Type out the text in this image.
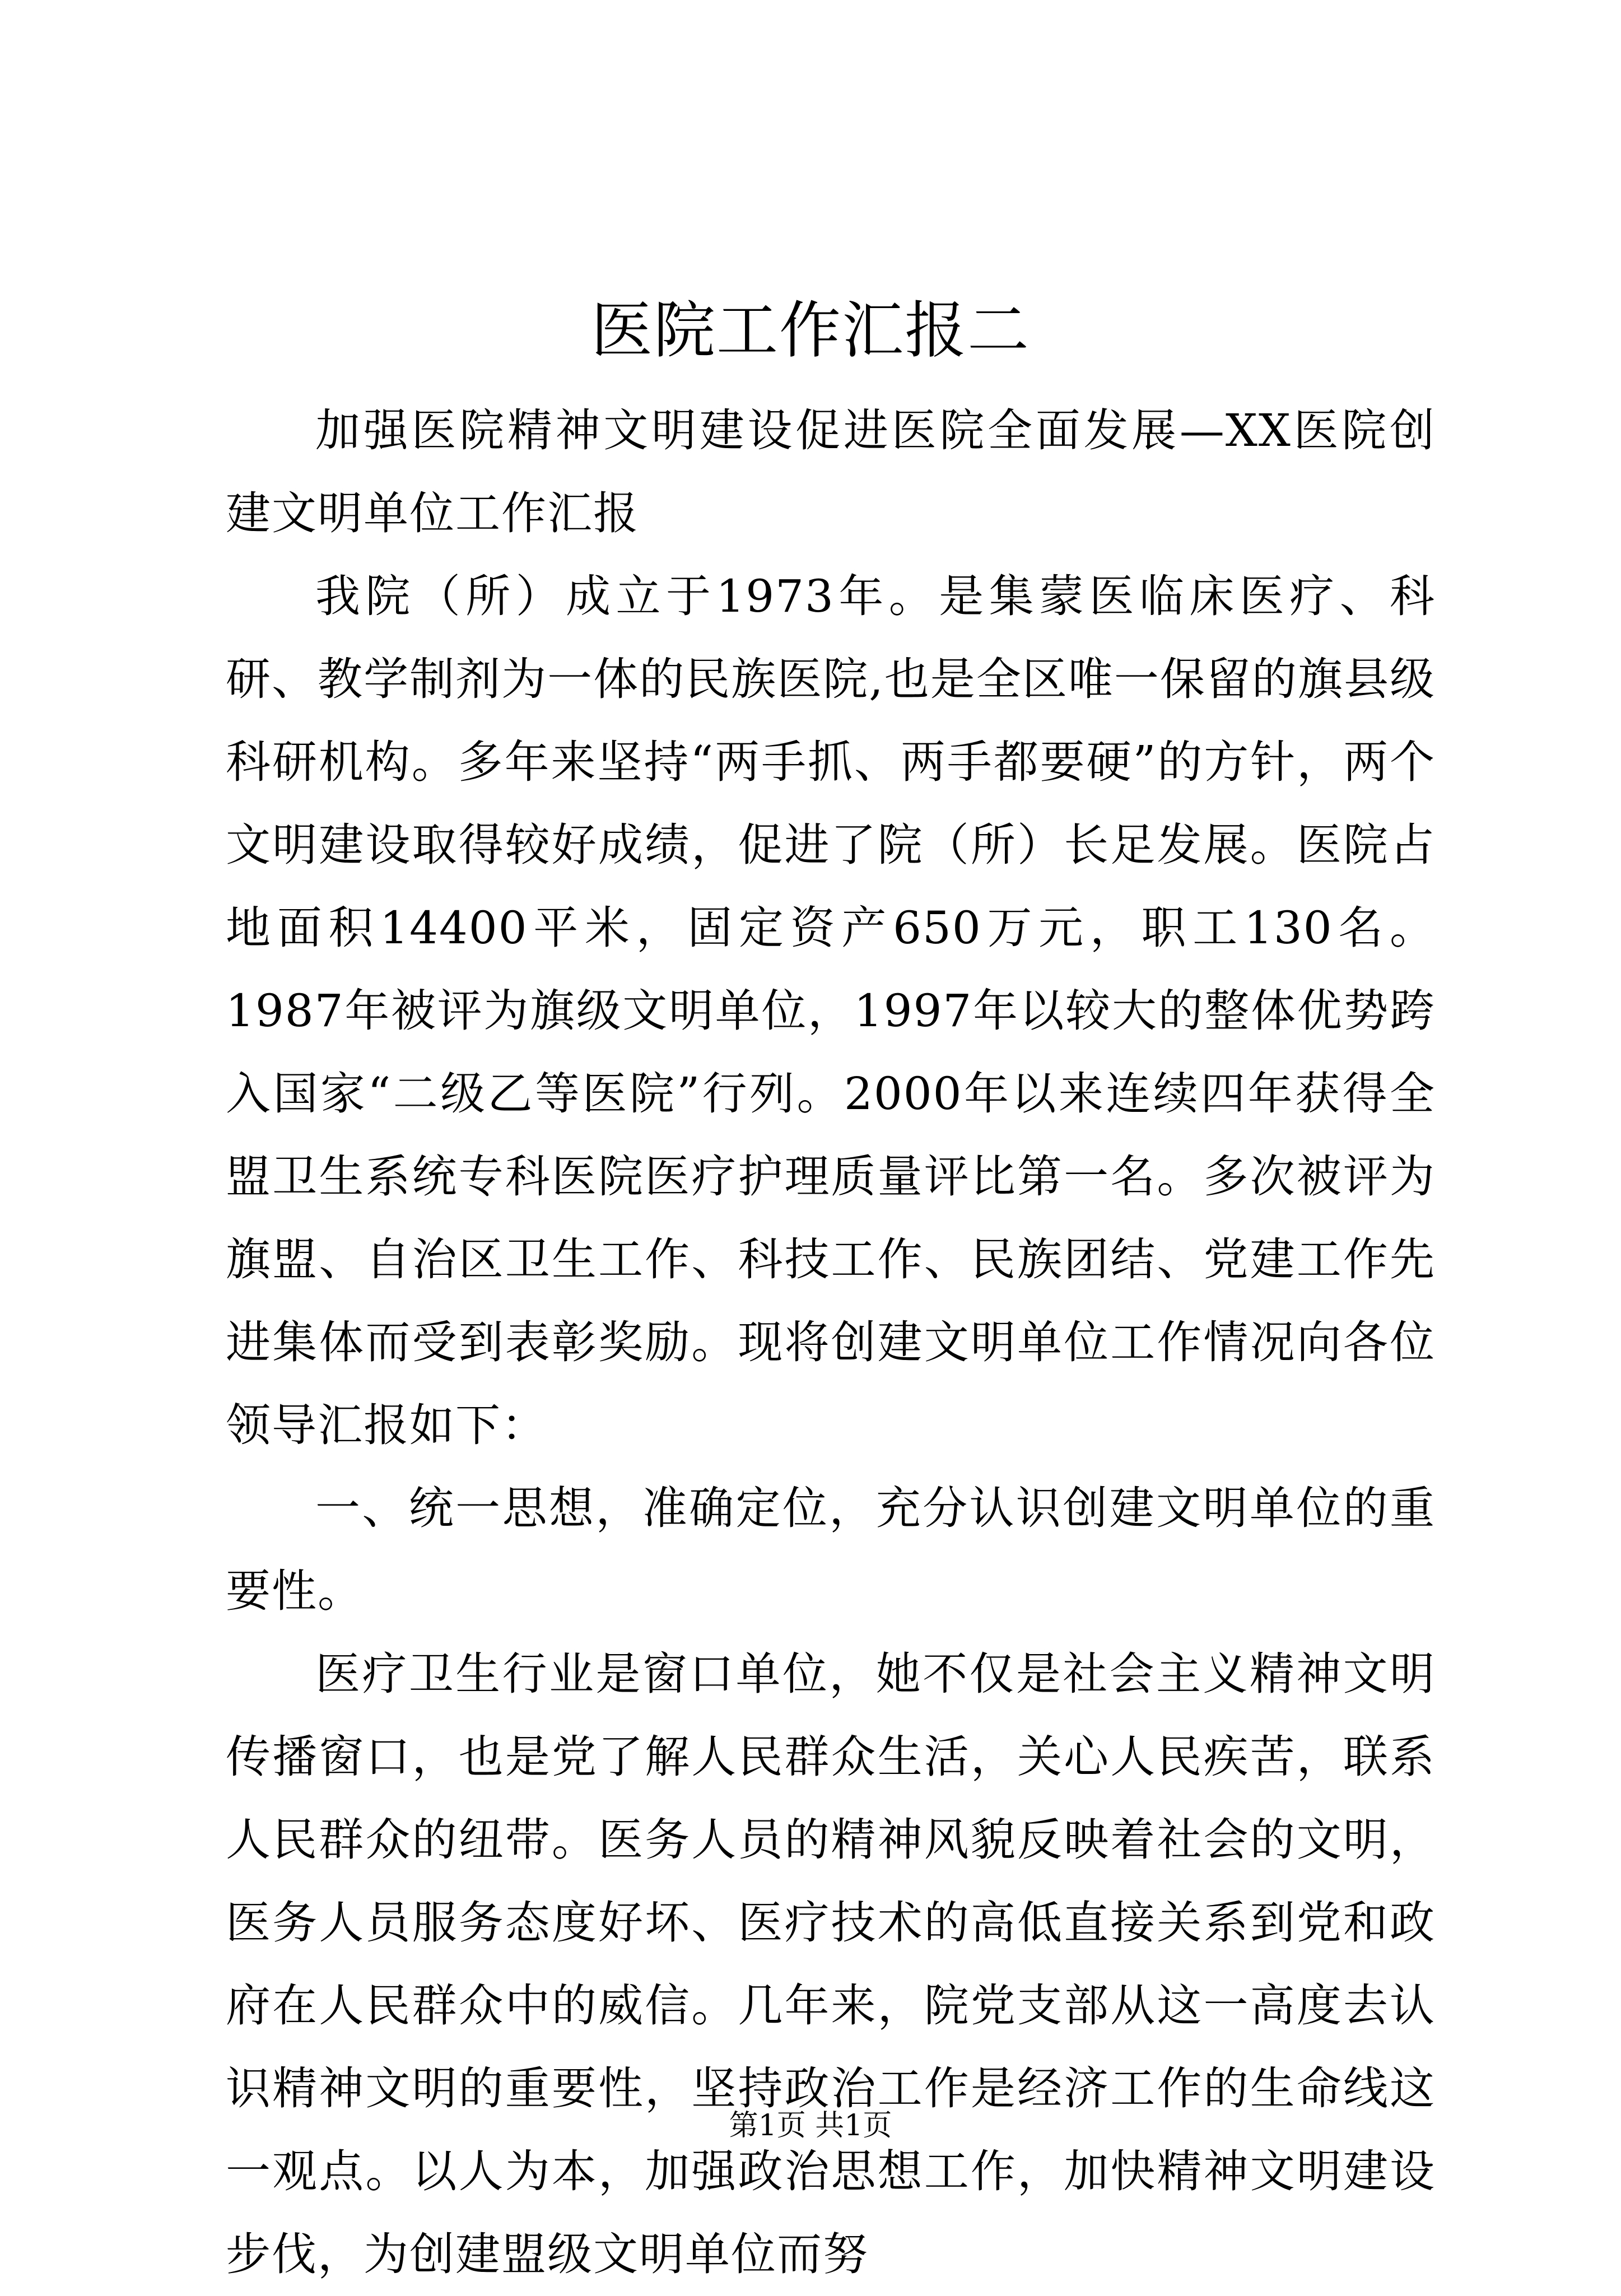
医院工作汇报二

加强医院精神文明建设促进医院全面发展—XX医院创建文明单位工作汇报

我院（所）成立于1973年。是集蒙医临床医疗、科研、教学制剂为一体的民族医院,也是全区唯一保留的旗县级科研机构。多年来坚持“两手抓、两手都要硬”的方针，两个文明建设取得较好成绩，促进了院（所）长足发展。医院占地面积14400平米，固定资产650万元，职工130名。1987年被评为旗级文明单位，1997年以较大的整体优势跨入国家“二级乙等医院”行列。2000年以来连续四年获得全盟卫生系统专科医院医疗护理质量评比第一名。多次被评为旗盟、自治区卫生工作、科技工作、民族团结、党建工作先进集体而受到表彰奖励。现将创建文明单位工作情况向各位领导汇报如下：

一、统一思想，准确定位，充分认识创建文明单位的重要性。

医疗卫生行业是窗口单位，她不仅是社会主义精神文明传播窗口，也是党了解人民群众生活，关心人民疾苦，联系人民群众的纽带。医务人员的精神风貌反映着社会的文明，医务人员服务态度好坏、医疗技术的高低直接关系到党和政府在人民群众中的威信。几年来，院党支部从这一高度去认识精神文明的重要性，坚持政治工作是经济工作的生命线这一观点。以人为本，加强政治思想工作，加快精神文明建设步伐，为创建盟级文明单位而努

第1页 共1页
